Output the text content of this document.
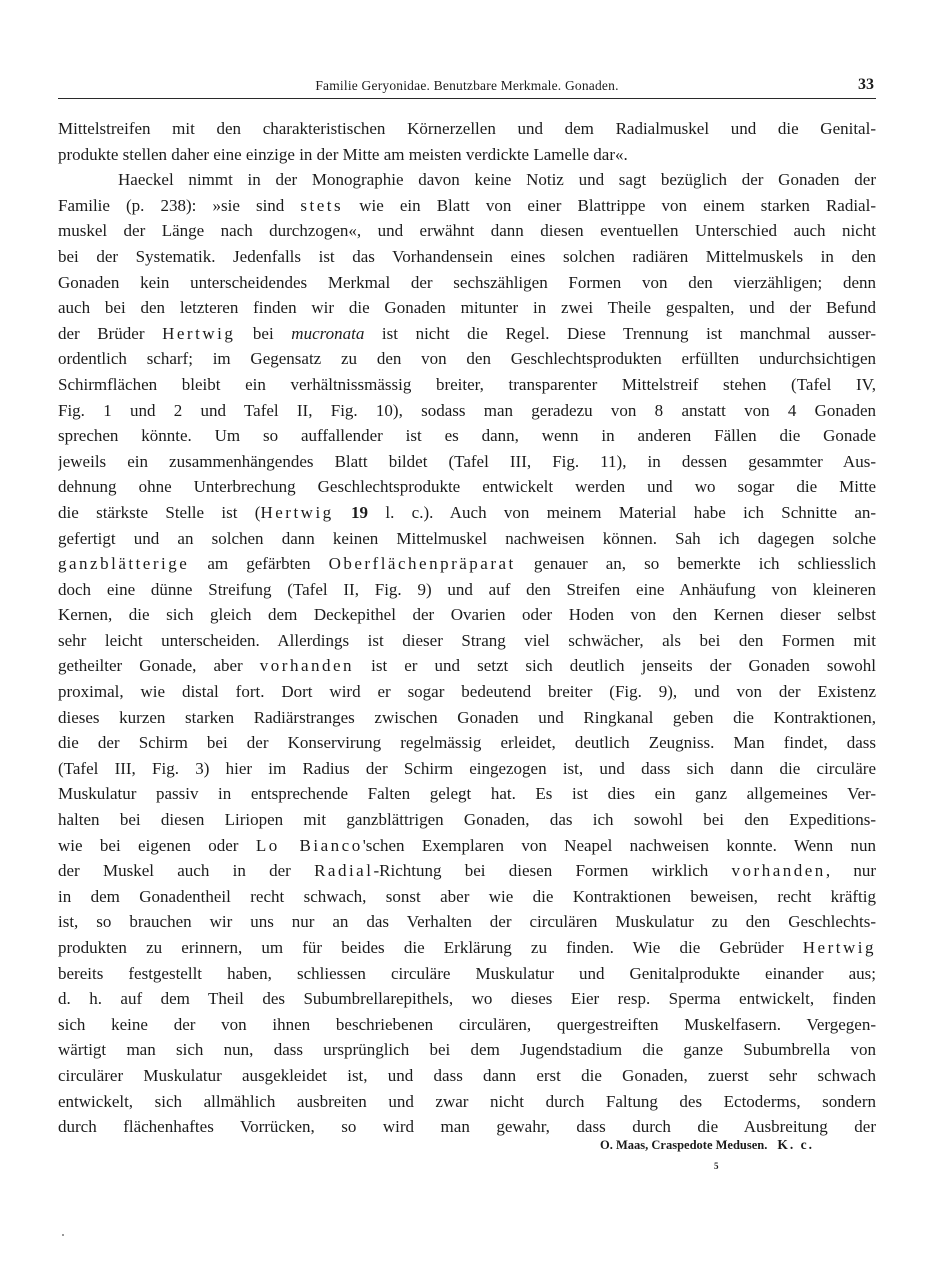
Familie Geryonidae. Benutzbare Merkmale. Gonaden.	33
Mittelstreifen mit den charakteristischen Körnerzellen und dem Radialmuskel und die Genital-
produkte stellen daher eine einzige in der Mitte am meisten verdickte Lamelle dar«.
Haeckel nimmt in der Monographie davon keine Notiz und sagt bezüglich der Gonaden der
Familie (p. 238): »sie sind stets wie ein Blatt von einer Blattrippe von einem starken Radial-
muskel der Länge nach durchzogen«, und erwähnt dann diesen eventuellen Unterschied auch nicht
bei der Systematik. Jedenfalls ist das Vorhandensein eines solchen radiären Mittelmuskels in den
Gonaden kein unterscheidendes Merkmal der sechszähligen Formen von den vierzähligen; denn
auch bei den letzteren finden wir die Gonaden mitunter in zwei Theile gespalten, und der Befund
der Brüder Hertwig bei mucronata ist nicht die Regel. Diese Trennung ist manchmal ausser-
ordentlich scharf; im Gegensatz zu den von den Geschlechtsprodukten erfüllten undurchsichtigen
Schirmflächen bleibt ein verhältnissmässig breiter, transparenter Mittelstreif stehen (Tafel IV,
Fig. 1 und 2 und Tafel II, Fig. 10), sodass man geradezu von 8 anstatt von 4 Gonaden
sprechen könnte. Um so auffallender ist es dann, wenn in anderen Fällen die Gonade
jeweils ein zusammenhängendes Blatt bildet (Tafel III, Fig. 11), in dessen gesammter Aus-
dehnung ohne Unterbrechung Geschlechtsprodukte entwickelt werden und wo sogar die Mitte
die stärkste Stelle ist (Hertwig 19 l. c.). Auch von meinem Material habe ich Schnitte an-
gefertigt und an solchen dann keinen Mittelmuskel nachweisen können. Sah ich dagegen solche
ganzblätterige am gefärbten Oberflächenpräparat genauer an, so bemerkte ich schliesslich
doch eine dünne Streifung (Tafel II, Fig. 9) und auf den Streifen eine Anhäufung von kleineren
Kernen, die sich gleich dem Deckepithel der Ovarien oder Hoden von den Kernen dieser selbst
sehr leicht unterscheiden. Allerdings ist dieser Strang viel schwächer, als bei den Formen mit
getheilter Gonade, aber vorhanden ist er und setzt sich deutlich jenseits der Gonaden sowohl
proximal, wie distal fort. Dort wird er sogar bedeutend breiter (Fig. 9), und von der Existenz
dieses kurzen starken Radiärstranges zwischen Gonaden und Ringkanal geben die Kontraktionen,
die der Schirm bei der Konservirung regelmässig erleidet, deutlich Zeugniss. Man findet, dass
(Tafel III, Fig. 3) hier im Radius der Schirm eingezogen ist, und dass sich dann die circuläre
Muskulatur passiv in entsprechende Falten gelegt hat. Es ist dies ein ganz allgemeines Ver-
halten bei diesen Liriopen mit ganzblättrigen Gonaden, das ich sowohl bei den Expeditions-
wie bei eigenen oder Lo Bianco'schen Exemplaren von Neapel nachweisen konnte. Wenn nun
der Muskel auch in der Radial-Richtung bei diesen Formen wirklich vorhanden, nur
in dem Gonadentheil recht schwach, sonst aber wie die Kontraktionen beweisen, recht kräftig
ist, so brauchen wir uns nur an das Verhalten der circulären Muskulatur zu den Geschlechts-
produkten zu erinnern, um für beides die Erklärung zu finden. Wie die Gebrüder Hertwig
bereits festgestellt haben, schliessen circuläre Muskulatur und Genitalprodukte einander aus;
d. h. auf dem Theil des Subumbrellarepithels, wo dieses Eier resp. Sperma entwickelt, finden
sich keine der von ihnen beschriebenen circulären, quergestreiften Muskelfasern. Vergegen-
wärtigt man sich nun, dass ursprünglich bei dem Jugendstadium die ganze Subumbrella von
circulärer Muskulatur ausgekleidet ist, und dass dann erst die Gonaden, zuerst sehr schwach
entwickelt, sich allmählich ausbreiten und zwar nicht durch Faltung des Ectoderms, sondern
durch flächenhaftes Vorrücken, so wird man gewahr, dass durch die Ausbreitung der
O. Maas, Craspedote Medusen. K. c.
5
